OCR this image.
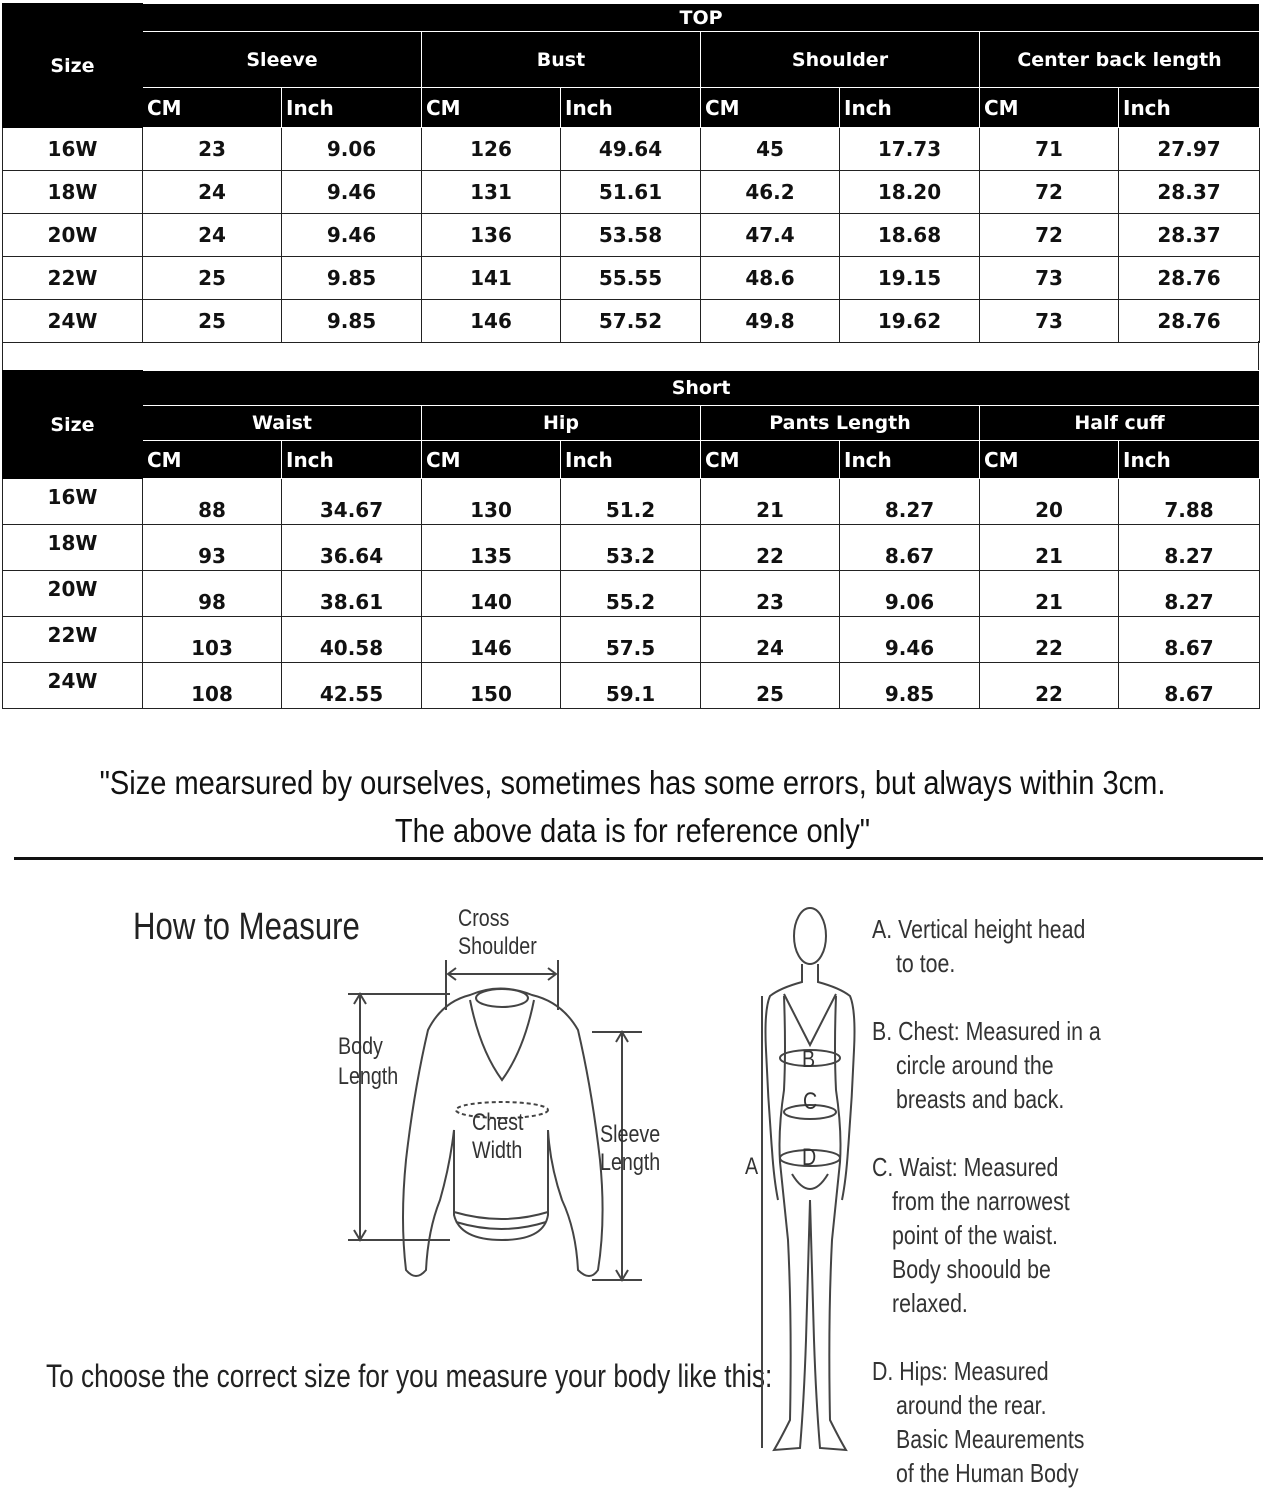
Size	TOP							
	Sleeve		Bust		Shoulder		Center back length	
	CM	Inch	CM	Inch	CM	Inch	CM	Inch
16W	23	9.06	126	49.64	45	17.73	71	27.97
18W	24	9.46	131	51.61	46.2	18.20	72	28.37
20W	24	9.46	136	53.58	47.4	18.68	72	28.37
22W	25	9.85	141	55.55	48.6	19.15	73	28.76
24W	25	9.85	146	57.52	49.8	19.62	73	28.76
Size	Short							
	Waist		Hip		Pants Length		Half cuff	
	CM	Inch	CM	Inch	CM	Inch	CM	Inch
16W	88	34.67	130	51.2	21	8.27	20	7.88
18W	93	36.64	135	53.2	22	8.67	21	8.27
20W	98	38.61	140	55.2	23	9.06	21	8.27
22W	103	40.58	146	57.5	24	9.46	22	8.67
24W	108	42.55	150	59.1	25	9.85	22	8.67
"Size mearsured by ourselves, sometimes has some errors, but always within 3cm.
The above data is for reference only"
How to Measure
To choose the correct size for you measure your body like this:
Cross
Shoulder
Body
Length
Chest
Width
Sleeve
Length
B
C
D
A
A. Vertical height head
to toe.
B. Chest: Measured in a
circle around the
breasts and back.
C. Waist: Measured
from the narrowest
point of the waist.
Body shoould be
relaxed.
D. Hips: Measured
around the rear.
Basic Meaurements
of the Human Body
